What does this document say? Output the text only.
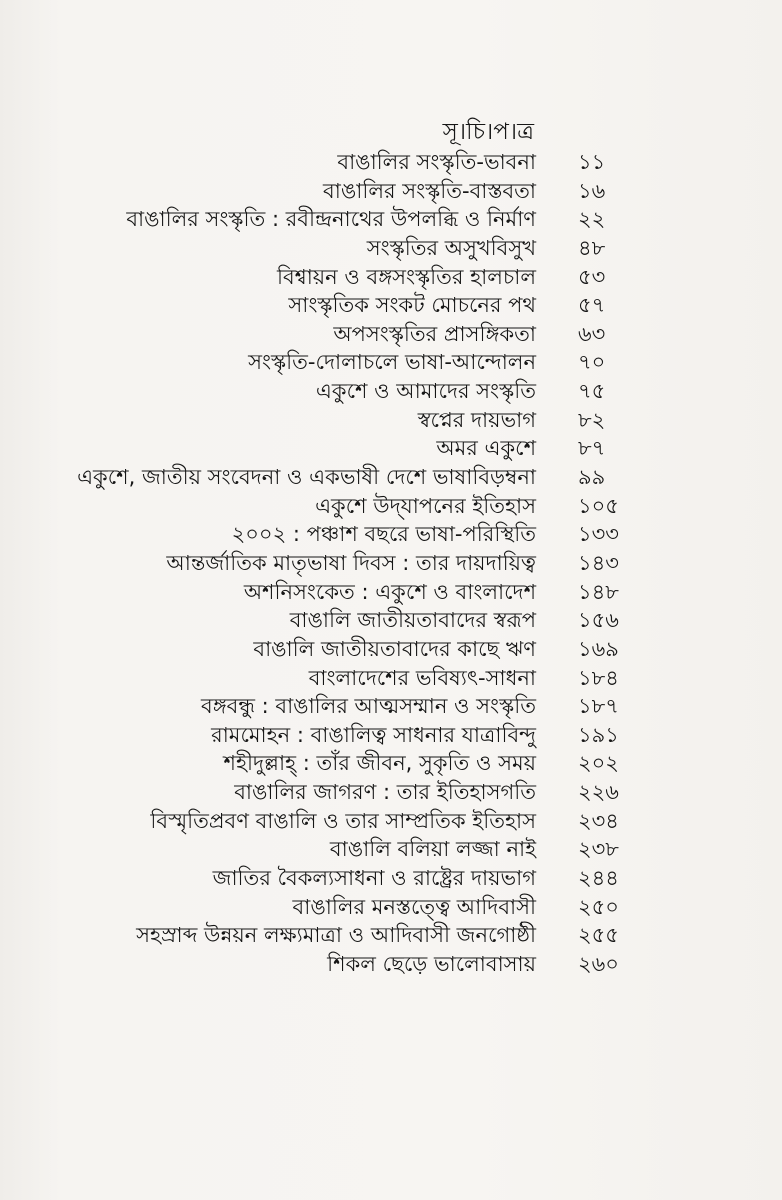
সূ।চি।প।ত্র
বাঙালির সংস্কৃতি-ভাবনা ১১
বাঙালির সংস্কৃতি-বাস্তবতা ১৬
বাঙালির সংস্কৃতি : রবীন্দ্রনাথের উপলব্ধি ও নির্মাণ ২২
সংস্কৃতির অসুখবিসুখ ৪৮
বিশ্বায়ন ও বঙ্গসংস্কৃতির হালচাল ৫৩
সাংস্কৃতিক সংকট মোচনের পথ ৫৭
অপসংস্কৃতির প্রাসঙ্গিকতা ৬৩
সংস্কৃতি-দোলাচলে ভাষা-আন্দোলন ৭০
একুশে ও আমাদের সংস্কৃতি ৭৫
স্বপ্নের দায়ভাগ ৮২
অমর একুশে ৮৭
একুশে, জাতীয় সংবেদনা ও একভাষী দেশে ভাষাবিড়ম্বনা ৯৯
একুশে উদ্‌যাপনের ইতিহাস ১০৫
২০০২ : পঞ্চাশ বছরে ভাষা-পরিস্থিতি ১৩৩
আন্তর্জাতিক মাতৃভাষা দিবস : তার দায়দায়িত্ব ১৪৩
অশনিসংকেত : একুশে ও বাংলাদেশ ১৪৮
বাঙালি জাতীয়তাবাদের স্বরূপ ১৫৬
বাঙালি জাতীয়তাবাদের কাছে ঋণ ১৬৯
বাংলাদেশের ভবিষ্যৎ-সাধনা ১৮৪
বঙ্গবন্ধু : বাঙালির আত্মসম্মান ও সংস্কৃতি ১৮৭
রামমোহন : বাঙালিত্ব সাধনার যাত্রাবিন্দু ১৯১
শহীদুল্লাহ্‌ : তাঁর জীবন, সুকৃতি ও সময় ২০২
বাঙালির জাগরণ : তার ইতিহাসগতি ২২৬
বিস্মৃতিপ্রবণ বাঙালি ও তার সাম্প্রতিক ইতিহাস ২৩৪
বাঙালি বলিয়া লজ্জা নাই ২৩৮
জাতির বৈকল্যসাধনা ও রাষ্ট্রের দায়ভাগ ২৪৪
বাঙালির মনস্তত্ত্বে আদিবাসী ২৫০
সহস্রাব্দ উন্নয়ন লক্ষ্যমাত্রা ও আদিবাসী জনগোষ্ঠী ২৫৫
শিকল ছেড়ে ভালোবাসায় ২৬০
